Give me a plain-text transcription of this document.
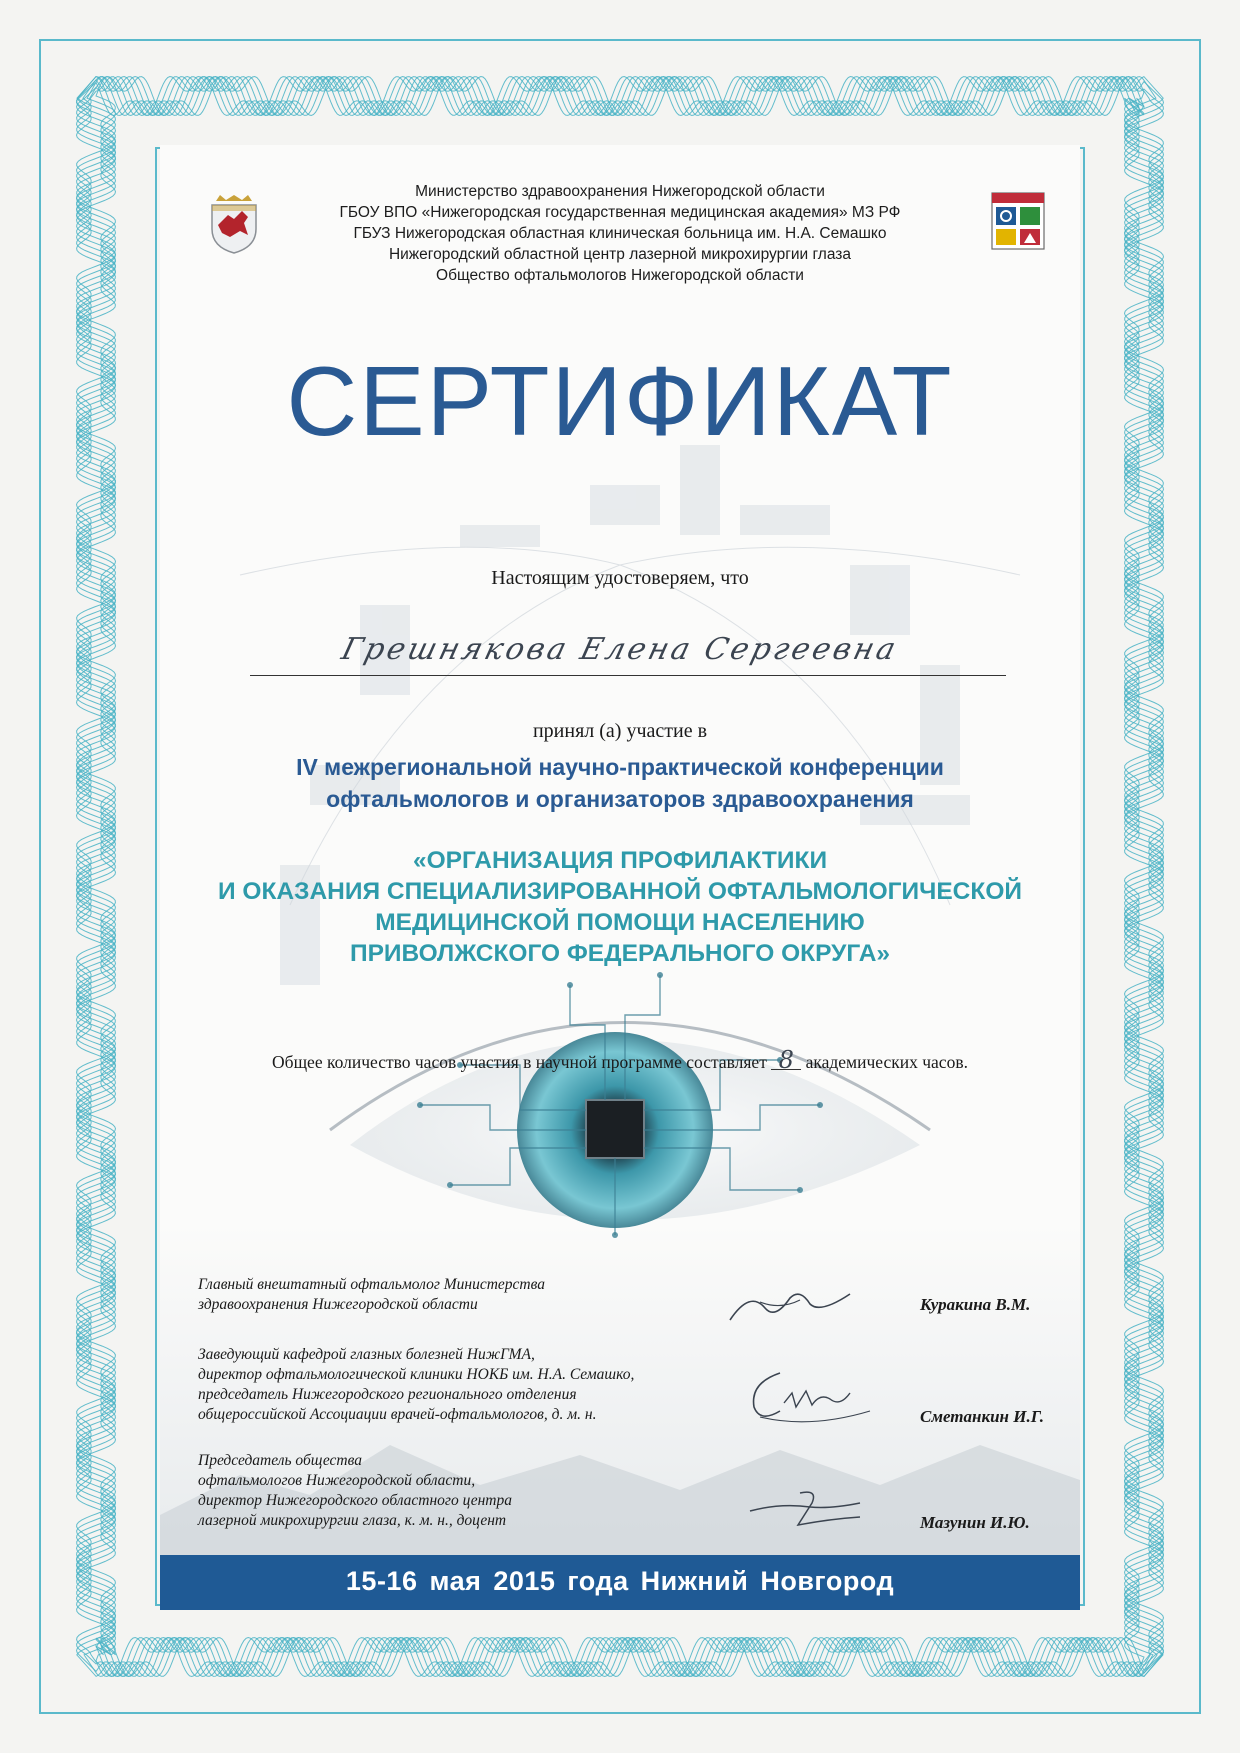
Министерство здравоохранения Нижегородской области
ГБОУ ВПО «Нижегородская государственная медицинская академия» МЗ РФ
ГБУЗ Нижегородская областная клиническая больница им. Н.А. Семашко
Нижегородский областной центр лазерной микрохирургии глаза
Общество офтальмологов Нижегородской области
СЕРТИФИКАТ
Настоящим удостоверяем, что
Грешнякова Елена Сергеевна
принял (а) участие в
IV межрегиональной научно-практической конференции
офтальмологов и организаторов здравоохранения
«ОРГАНИЗАЦИЯ ПРОФИЛАКТИКИ
И ОКАЗАНИЯ СПЕЦИАЛИЗИРОВАННОЙ ОФТАЛЬМОЛОГИЧЕСКОЙ
МЕДИЦИНСКОЙ ПОМОЩИ НАСЕЛЕНИЮ
ПРИВОЛЖСКОГО ФЕДЕРАЛЬНОГО ОКРУГА»
Общее количество часов участия в научной программе составляет 8 академических часов.
Главный внештатный офтальмолог Министерства
здравоохранения Нижегородской области	Куракина В.М.
Заведующий кафедрой глазных болезней НижГМА,
директор офтальмологической клиники НОКБ им. Н.А. Семашко,
председатель Нижегородского регионального отделения
общероссийской Ассоциации врачей-офтальмологов, д. м. н.	Сметанкин И.Г.
Председатель общества
офтальмологов Нижегородской области,
директор Нижегородского областного центра
лазерной микрохирургии глаза, к. м. н., доцент	Мазунин И.Ю.
15-16 мая 2015 года Нижний Новгород
